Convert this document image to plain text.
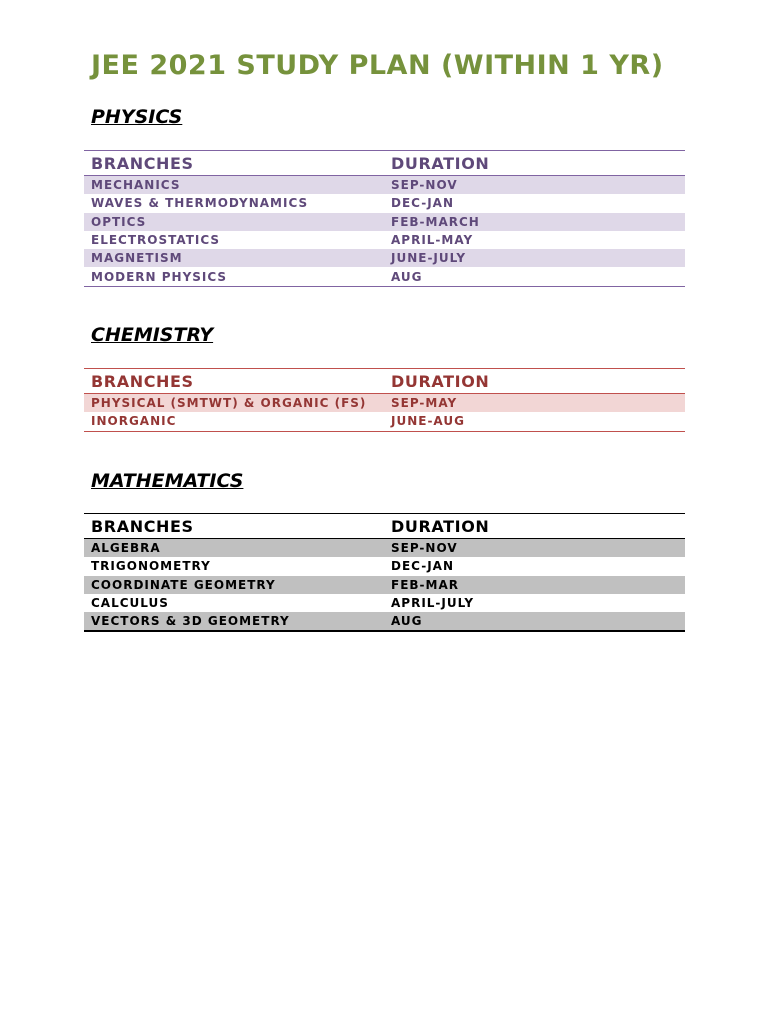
JEE 2021 STUDY PLAN (WITHIN 1 YR)
PHYSICS
BRANCHES	DURATION
MECHANICS	SEP-NOV
WAVES & THERMODYNAMICS	DEC-JAN
OPTICS	FEB-MARCH
ELECTROSTATICS	APRIL-MAY
MAGNETISM	JUNE-JULY
MODERN PHYSICS	AUG
CHEMISTRY
BRANCHES	DURATION
PHYSICAL (SMTWT) & ORGANIC (FS)	SEP-MAY
INORGANIC	JUNE-AUG
MATHEMATICS
BRANCHES	DURATION
ALGEBRA	SEP-NOV
TRIGONOMETRY	DEC-JAN
COORDINATE GEOMETRY	FEB-MAR
CALCULUS	APRIL-JULY
VECTORS & 3D GEOMETRY	AUG
